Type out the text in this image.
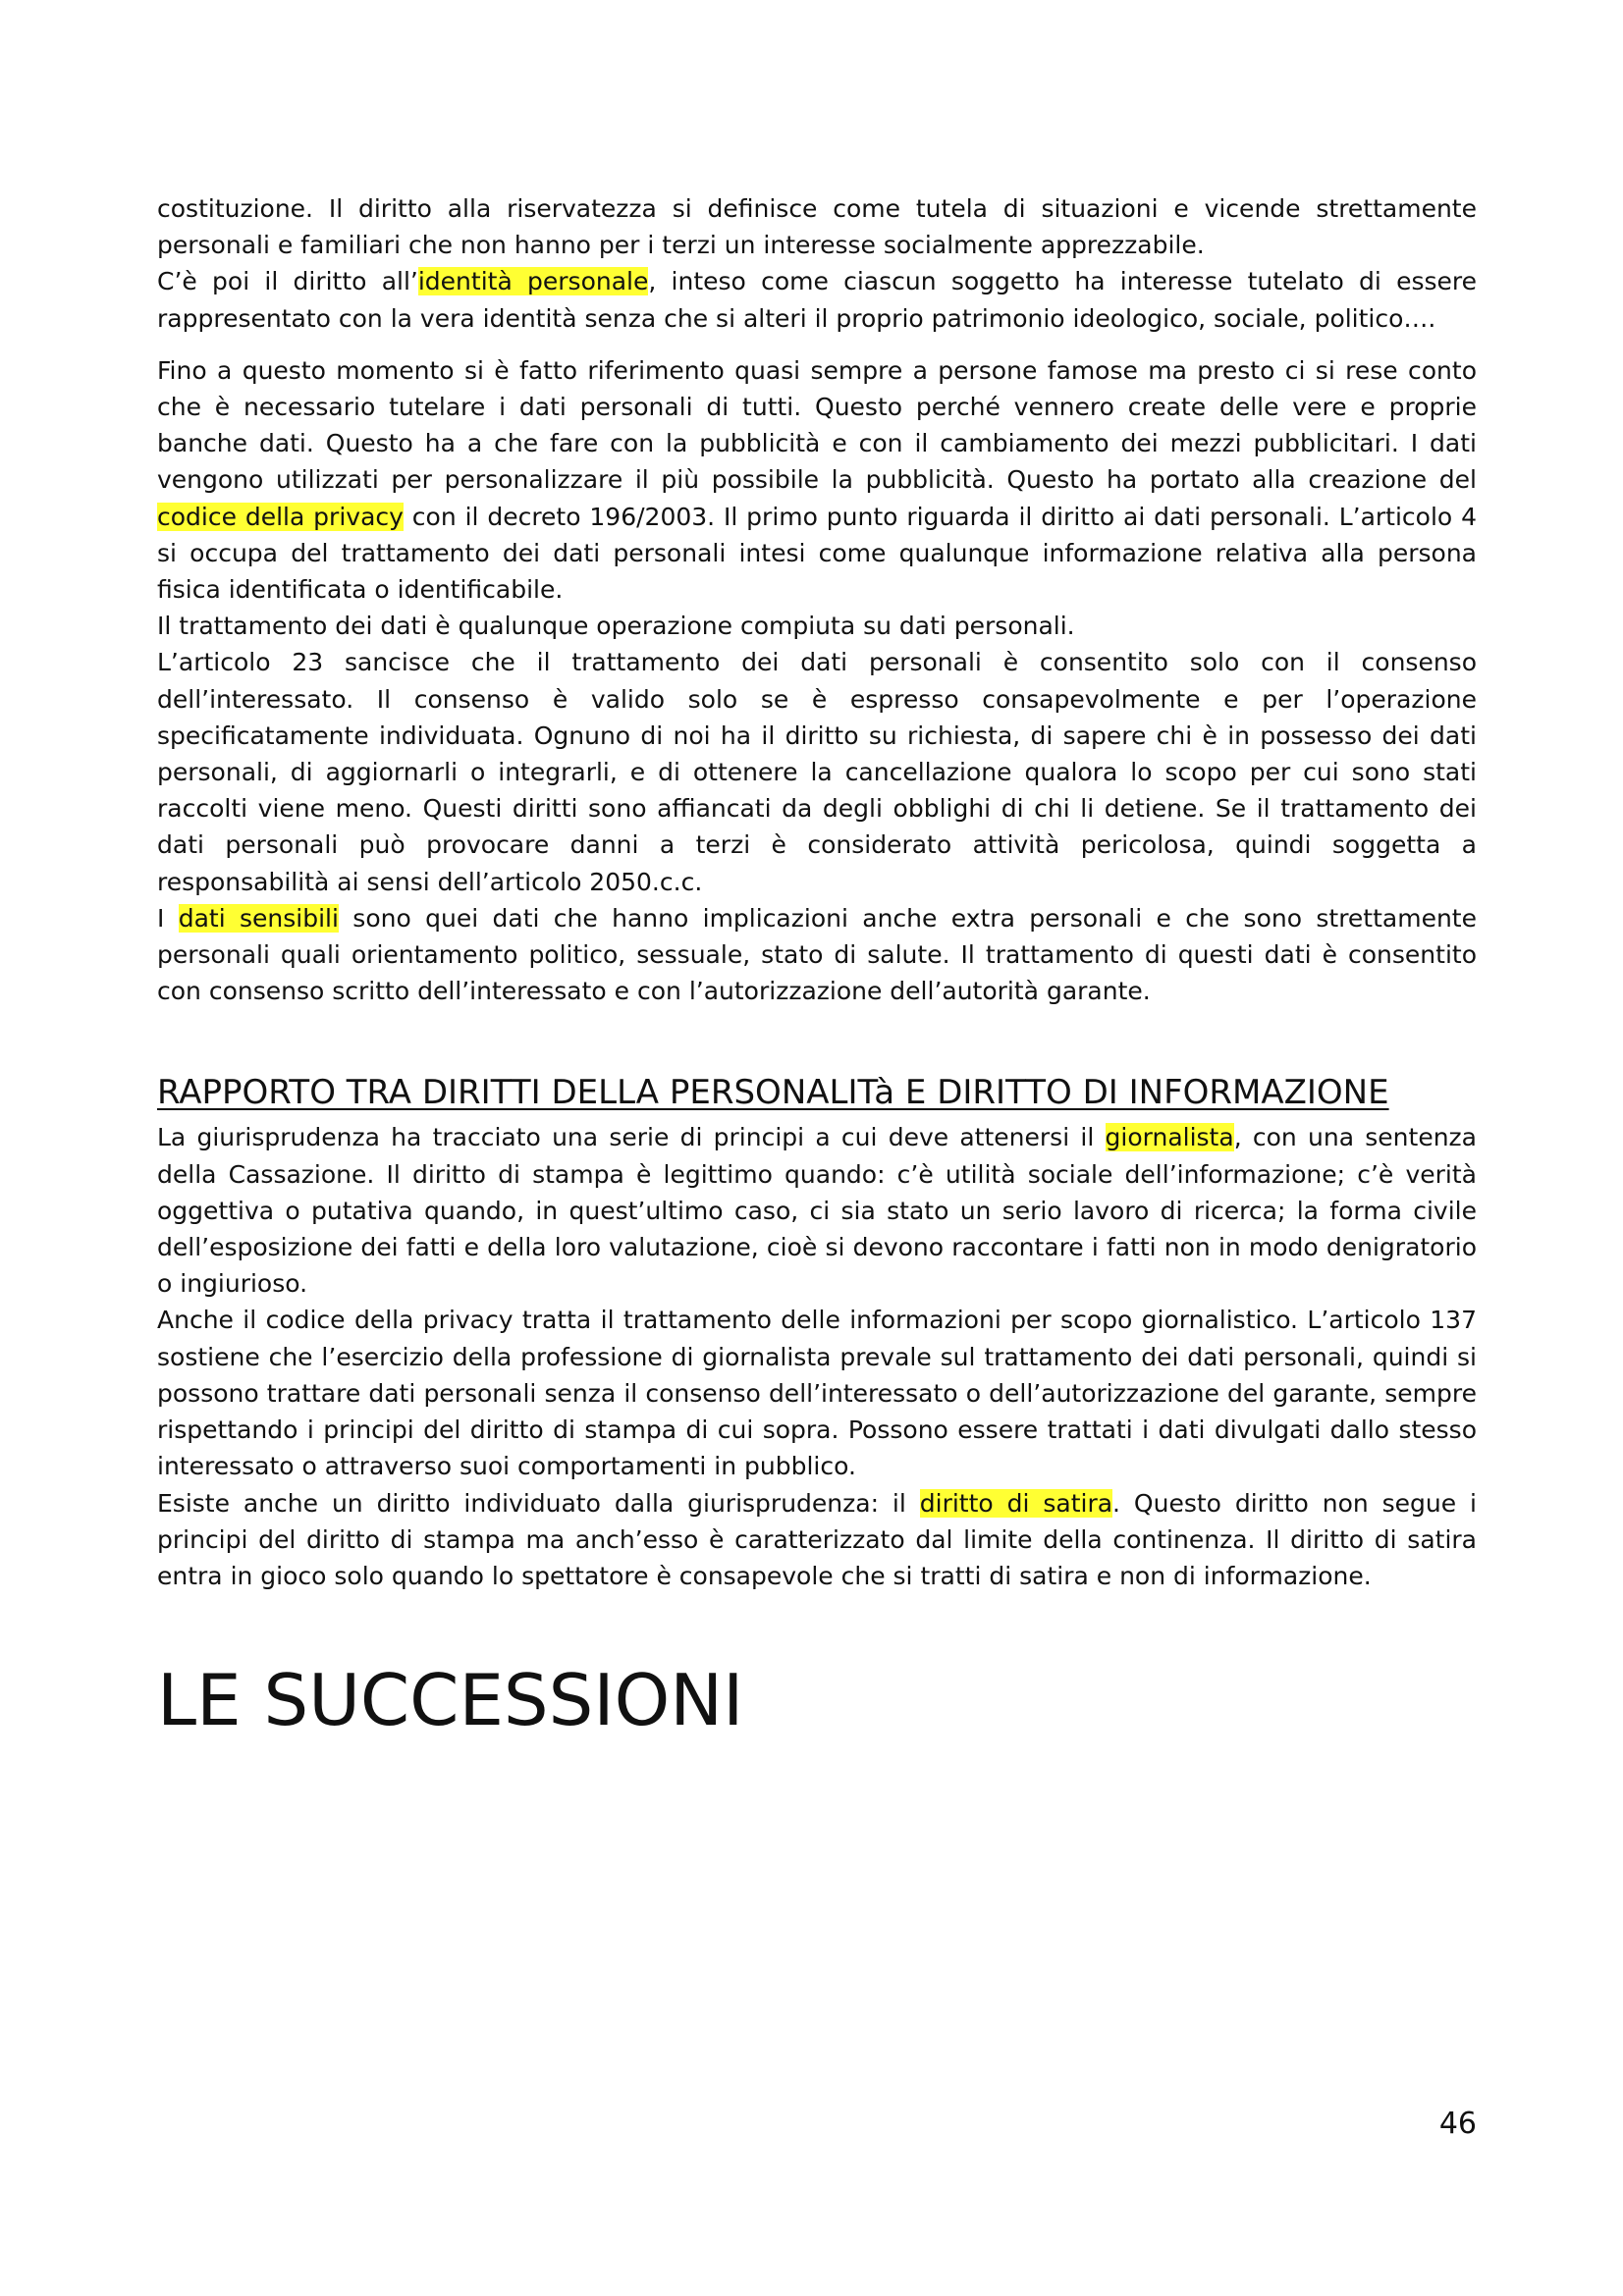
costituzione. Il diritto alla riservatezza si definisce come tutela di situazioni e vicende strettamente personali e familiari che non hanno per i terzi un interesse socialmente apprezzabile.

C’è poi il diritto all’identità personale, inteso come ciascun soggetto ha interesse tutelato di essere rappresentato con la vera identità senza che si alteri il proprio patrimonio ideologico, sociale, politico….

Fino a questo momento si è fatto riferimento quasi sempre a persone famose ma presto ci si rese conto che è necessario tutelare i dati personali di tutti. Questo perché vennero create delle vere e proprie banche dati. Questo ha a che fare con la pubblicità e con il cambiamento dei mezzi pubblicitari. I dati vengono utilizzati per personalizzare il più possibile la pubblicità. Questo ha portato alla creazione del codice della privacy con il decreto 196/2003. Il primo punto riguarda il diritto ai dati personali. L’articolo 4 si occupa del trattamento dei dati personali intesi come qualunque informazione relativa alla persona fisica identificata o identificabile.

Il trattamento dei dati è qualunque operazione compiuta su dati personali.

L’articolo 23 sancisce che il trattamento dei dati personali è consentito solo con il consenso dell’interessato. Il consenso è valido solo se è espresso consapevolmente e per l’operazione specificatamente individuata. Ognuno di noi ha il diritto su richiesta, di sapere chi è in possesso dei dati personali, di aggiornarli o integrarli, e di ottenere la cancellazione qualora lo scopo per cui sono stati raccolti viene meno. Questi diritti sono affiancati da degli obblighi di chi li detiene. Se il trattamento dei dati personali può provocare danni a terzi è considerato attività pericolosa, quindi soggetta a responsabilità ai sensi dell’articolo 2050.c.c.

I dati sensibili sono quei dati che hanno implicazioni anche extra personali e che sono strettamente personali quali orientamento politico, sessuale, stato di salute. Il trattamento di questi dati è consentito con consenso scritto dell’interessato e con l’autorizzazione dell’autorità garante.

RAPPORTO TRA DIRITTI DELLA PERSONALITà E DIRITTO DI INFORMAZIONE

La giurisprudenza ha tracciato una serie di principi a cui deve attenersi il giornalista, con una sentenza della Cassazione. Il diritto di stampa è legittimo quando: c’è utilità sociale dell’informazione; c’è verità oggettiva o putativa quando, in quest’ultimo caso, ci sia stato un serio lavoro di ricerca; la forma civile dell’esposizione dei fatti e della loro valutazione, cioè si devono raccontare i fatti non in modo denigratorio o ingiurioso.

Anche il codice della privacy tratta il trattamento delle informazioni per scopo giornalistico. L’articolo 137 sostiene che l’esercizio della professione di giornalista prevale sul trattamento dei dati personali, quindi si possono trattare dati personali senza il consenso dell’interessato o dell’autorizzazione del garante, sempre rispettando i principi del diritto di stampa di cui sopra. Possono essere trattati i dati divulgati dallo stesso interessato o attraverso suoi comportamenti in pubblico.

Esiste anche un diritto individuato dalla giurisprudenza: il diritto di satira. Questo diritto non segue i principi del diritto di stampa ma anch’esso è caratterizzato dal limite della continenza. Il diritto di satira entra in gioco solo quando lo spettatore è consapevole che si tratti di satira e non di informazione.

LE SUCCESSIONI
46
